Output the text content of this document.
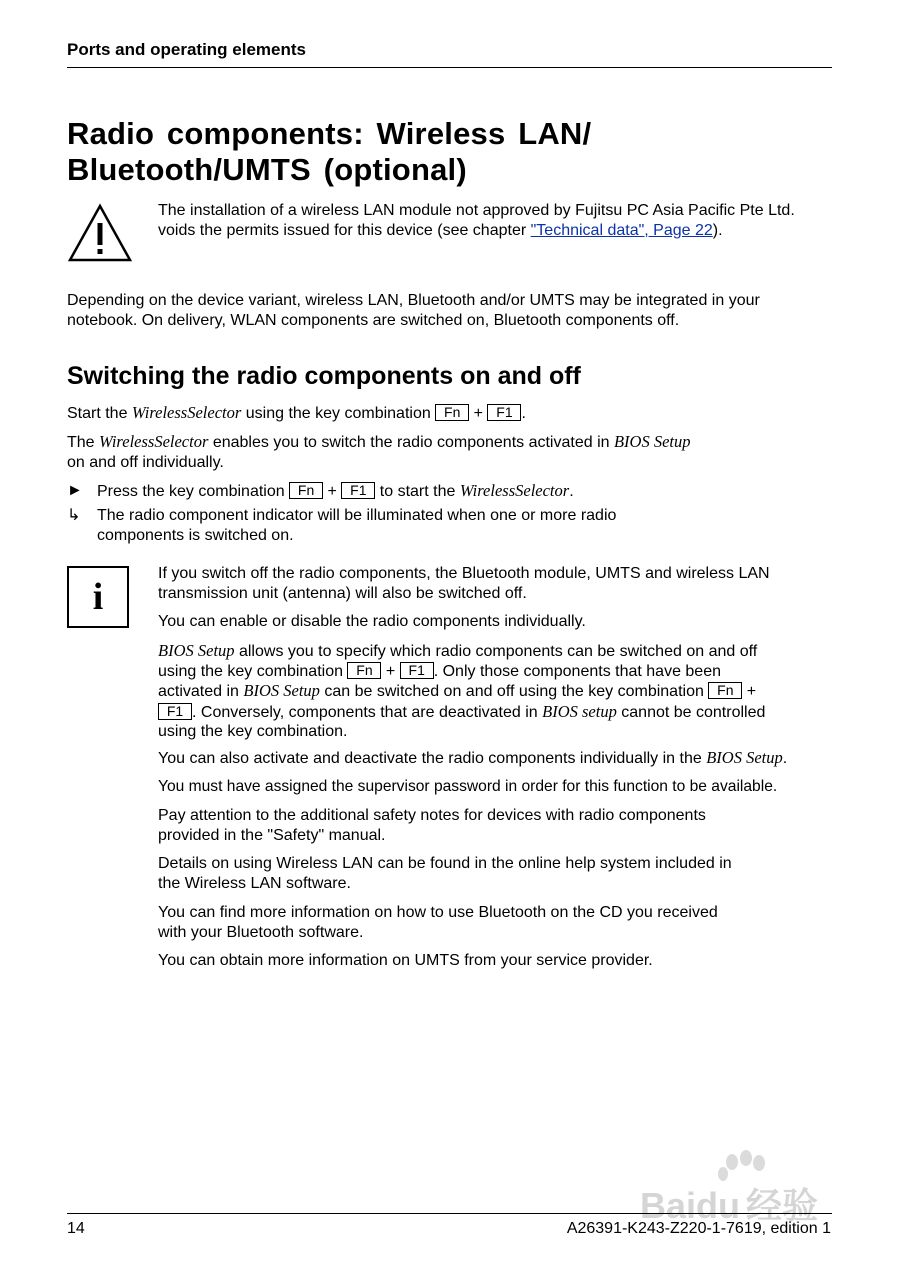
Ports and operating elements
Radio components: Wireless LAN/
Bluetooth/UMTS (optional)

The installation of a wireless LAN module not approved by Fujitsu PC Asia Pacific Pte Ltd. voids the permits issued for this device (see chapter "Technical data", Page 22).

Depending on the device variant, wireless LAN, Bluetooth and/or UMTS may be integrated in your notebook. On delivery, WLAN components are switched on, Bluetooth components off.

Switching the radio components on and off

Start the WirelessSelector using the key combination Fn + F1 .

The WirelessSelector enables you to switch the radio components activated in BIOS Setup on and off individually.

► Press the key combination Fn + F1 to start the WirelessSelector.

↳ The radio component indicator will be illuminated when one or more radio components is switched on.

i

If you switch off the radio components, the Bluetooth module, UMTS and wireless LAN transmission unit (antenna) will also be switched off.

You can enable or disable the radio components individually.

BIOS Setup allows you to specify which radio components can be switched on and off using the key combination Fn + F1 . Only those components that have been activated in BIOS Setup can be switched on and off using the key combination Fn + F1 . Conversely, components that are deactivated in BIOS setup cannot be controlled using the key combination.

You can also activate and deactivate the radio components individually in the BIOS Setup.

You must have assigned the supervisor password in order for this function to be available.

Pay attention to the additional safety notes for devices with radio components provided in the "Safety" manual.

Details on using Wireless LAN can be found in the online help system included in the Wireless LAN software.

You can find more information on how to use Bluetooth on the CD you received with your Bluetooth software.

You can obtain more information on UMTS from your service provider.

Baidu 经验
14	A26391-K243-Z220-1-7619, edition 1
